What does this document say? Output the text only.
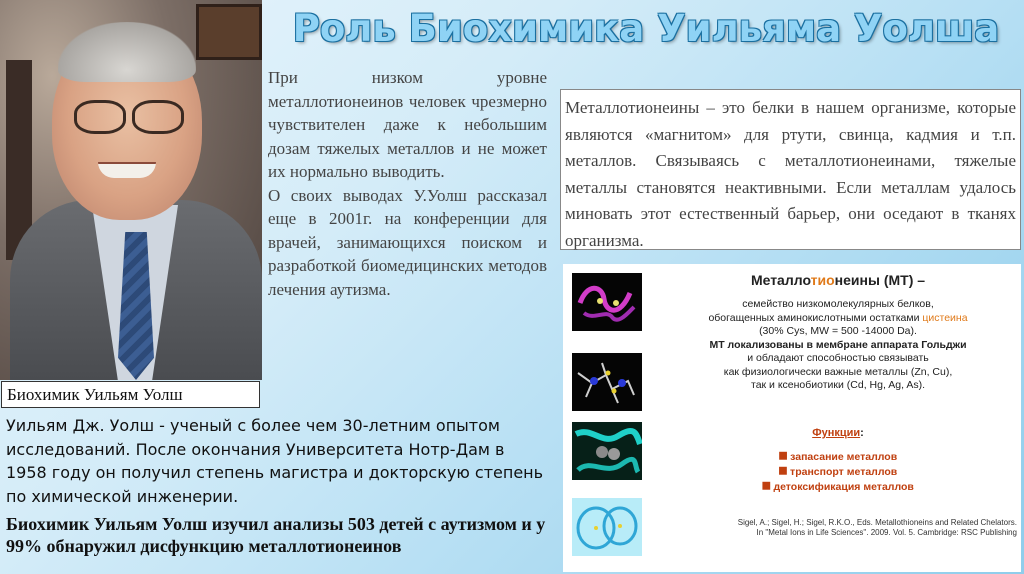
Биохимик Уильям Уолш
Роль Биохимика Уильяма Уолша

При низком уровне металлотионеинов человек чрезмерно чувствителен даже к небольшим дозам тяжелых металлов и не может их нормально выводить.

О своих выводах У.Уолш рассказал еще в 2001г. на конференции для врачей, занимающихся поиском и разработкой биомедицинских методов лечения аутизма.

Металлотионеины – это белки в нашем организме, которые являются «магнитом» для ртути, свинца, кадмия и т.п. металлов. Связываясь с металлотионеинами, тяжелые металлы становятся неактивными. Если металлам удалось миновать этот естественный барьер, они оседают в тканях организма.
Уильям Дж. Уолш - ученый с более чем 30-летним опытом исследований. После окончания Университета Нотр-Дам в 1958 году он получил степень магистра и докторскую степень по химической инженерии.
Биохимик Уильям Уолш изучил анализы 503 детей с аутизмом и у 99% обнаружил дисфункцию металлотионеинов
Металлотионеины (МТ) –
семейство низкомолекулярных белков,
обогащенных аминокислотными остатками цистеина
(30% Cys, MW = 500 -14000 Da).
МТ локализованы в мембране аппарата Гольджи
и обладают способностью связывать
как физиологически важные металлы (Zn, Cu),
так и ксенобиотики (Cd, Hg, Ag, As).
Функции:
⯀ запасание металлов
⯀ транспорт металлов
⯀ детоксификация металлов
Sigel, A.; Sigel, H.; Sigel, R.K.O., Eds. Metallothioneins and Related Chelators.
In "Metal Ions in Life Sciences". 2009. Vol. 5. Cambridge: RSC Publishing
